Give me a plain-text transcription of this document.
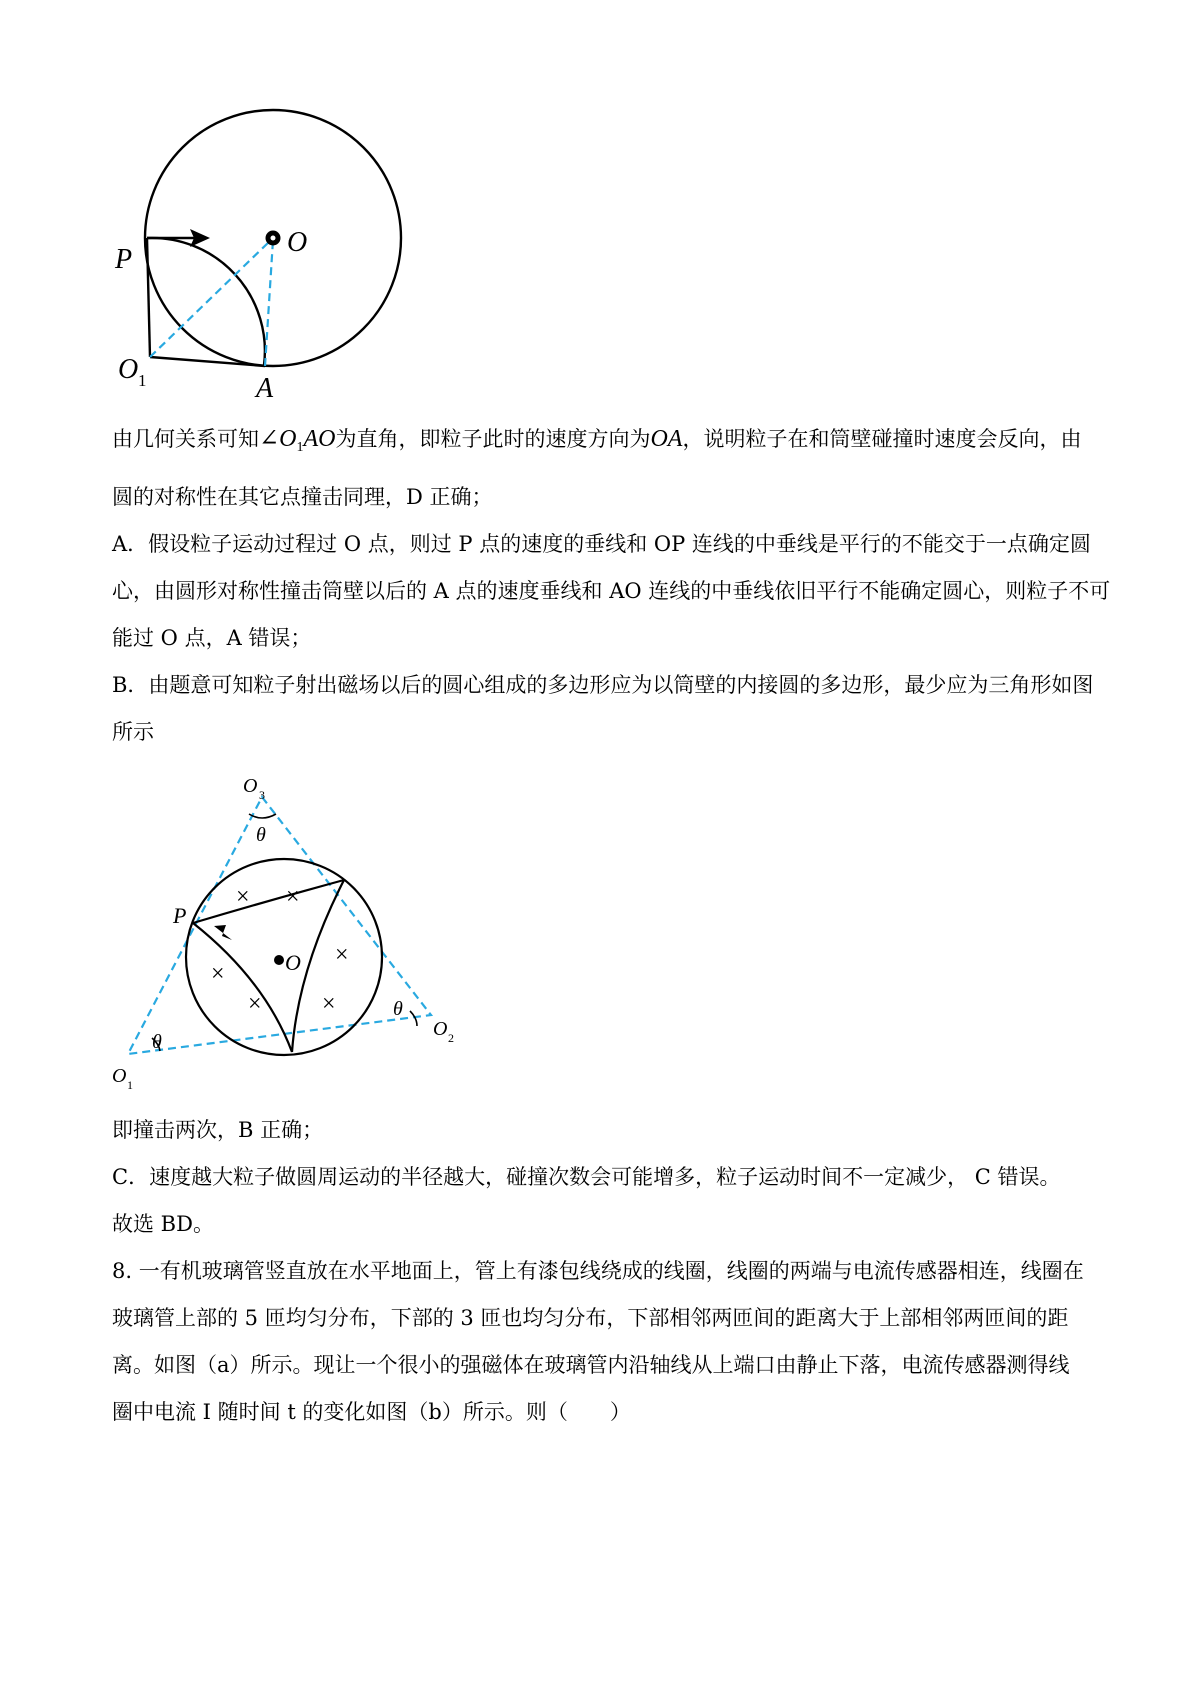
P
O
O 1	A
由几何关系可知$\angle O_1AO$为直角，即粒子此时的速度方向为OA，说明粒子在和筒壁碰撞时速度会反向，由
圆的对称性在其它点撞击同理，D 正确；
A．假设粒子运动过程过 O 点，则过 P 点的速度的垂线和 OP 连线的中垂线是平行的不能交于一点确定圆
心，由圆形对称性撞击筒壁以后的 A 点的速度垂线和 AO 连线的中垂线依旧平行不能确定圆心，则粒子不可
能过 O 点，A 错误；
B．由题意可知粒子射出磁场以后的圆心组成的多边形应为以筒壁的内接圆的多边形，最少应为三角形如图
所示
× ×
×
×
×	×
P
O
O 3
O 2
O 1
θ
θ
θ
即撞击两次，B 正确；
C．速度越大粒子做圆周运动的半径越大，碰撞次数会可能增多，粒子运动时间不一定减少， C 错误。
故选 BD。
8. 一有机玻璃管竖直放在水平地面上，管上有漆包线绕成的线圈，线圈的两端与电流传感器相连，线圈在
玻璃管上部的 5 匝均匀分布，下部的 3 匝也均匀分布，下部相邻两匝间的距离大于上部相邻两匝间的距
离。如图（a）所示。现让一个很小的强磁体在玻璃管内沿轴线从上端口由静止下落，电流传感器测得线
圈中电流 I 随时间 t 的变化如图（b）所示。则（　　）
